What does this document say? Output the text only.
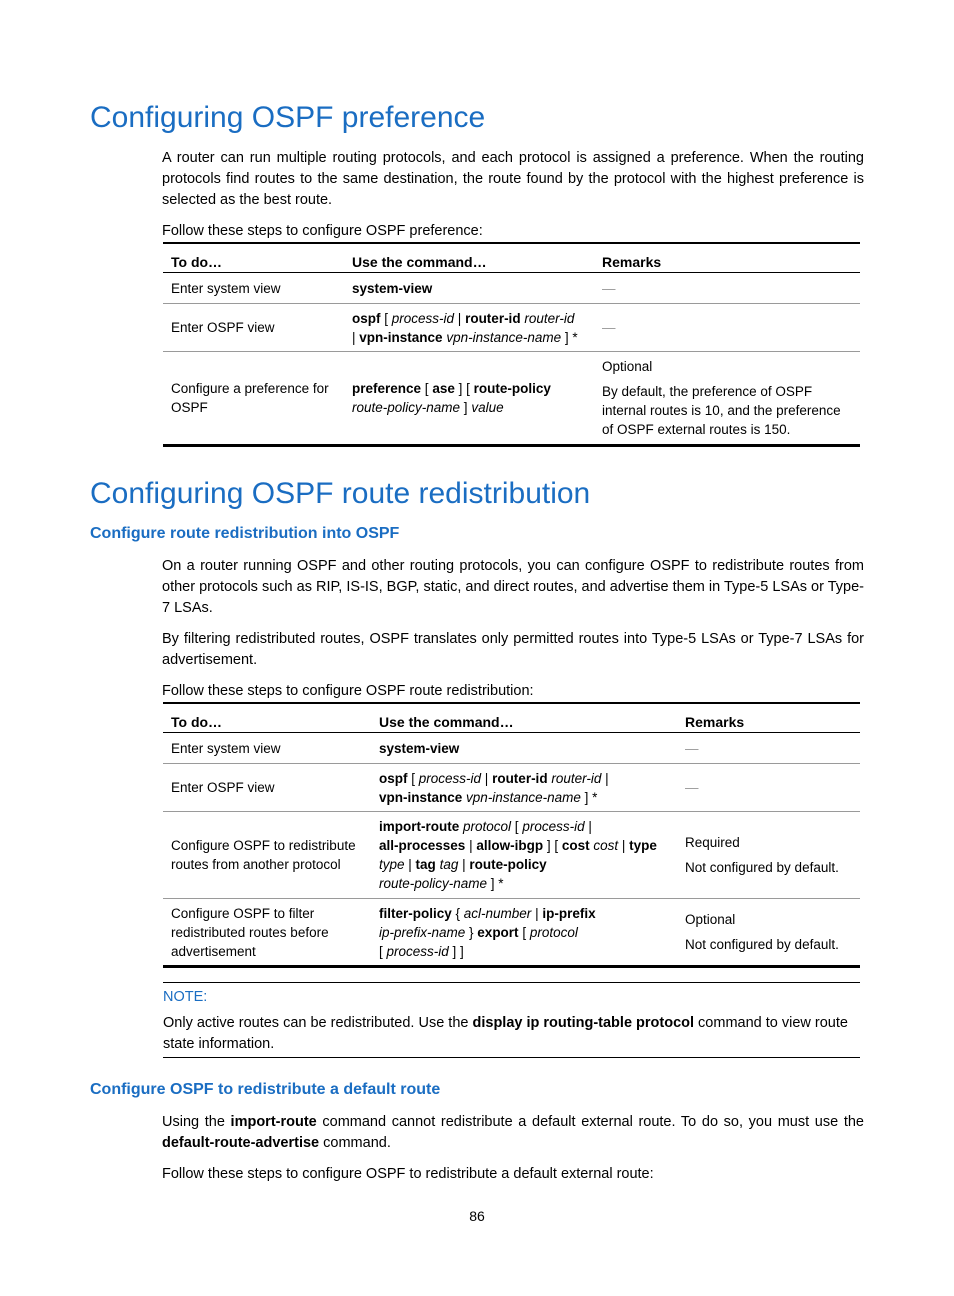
Configuring OSPF preference

A router can run multiple routing protocols, and each protocol is assigned a preference. When the routing protocols find routes to the same destination, the route found by the protocol with the highest preference is selected as the best route.

Follow these steps to configure OSPF preference:

To do…	Use the command…	Remarks
Enter system view	system-view	—
Enter OSPF view	ospf [ process-id | router-id router-id
| vpn-instance vpn-instance-name ] *	—
Configure a preference for OSPF	preference [ ase ] [ route-policy
route-policy-name ] value	Optional
By default, the preference of OSPF internal routes is 10, and the preference of OSPF external routes is 150.
Configuring OSPF route redistribution
Configure route redistribution into OSPF

On a router running OSPF and other routing protocols, you can configure OSPF to redistribute routes from other protocols such as RIP, IS-IS, BGP, static, and direct routes, and advertise them in Type-5 LSAs or Type-7 LSAs.

By filtering redistributed routes, OSPF translates only permitted routes into Type-5 LSAs or Type-7 LSAs for advertisement.

Follow these steps to configure OSPF route redistribution:

To do…	Use the command…	Remarks
Enter system view	system-view	—
Enter OSPF view	ospf [ process-id | router-id router-id |
vpn-instance vpn-instance-name ] *	—
Configure OSPF to redistribute routes from another protocol	import-route protocol [ process-id |
all-processes | allow-ibgp ] [ cost cost | type
type | tag tag | route-policy
route-policy-name ] *	Required
Not configured by default.

Configure OSPF to filter redistributed routes before advertisement	filter-policy { acl-number | ip-prefix
ip-prefix-name } export [ protocol
[ process-id ] ]	Optional
Not configured by default.

NOTE:

Only active routes can be redistributed. Use the display ip routing-table protocol command to view route state information.

Configure OSPF to redistribute a default route

Using the import-route command cannot redistribute a default external route. To do so, you must use the default-route-advertise command.

Follow these steps to configure OSPF to redistribute a default external route:

86
